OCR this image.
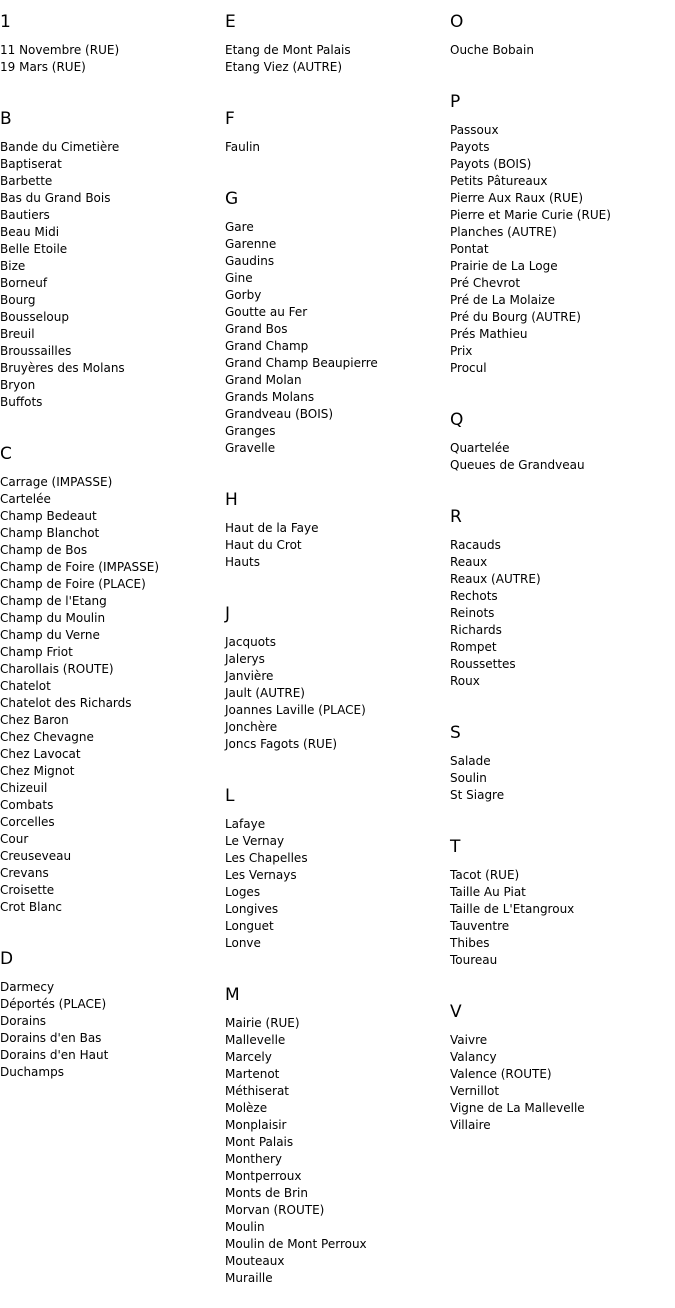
1
11 Novembre (RUE)
19 Mars (RUE)
B
Bande du Cimetière
Baptiserat
Barbette
Bas du Grand Bois
Bautiers
Beau Midi
Belle Etoile
Bize
Borneuf
Bourg
Bousseloup
Breuil
Broussailles
Bruyères des Molans
Bryon
Buffots
C
Carrage (IMPASSE)
Cartelée
Champ Bedeaut
Champ Blanchot
Champ de Bos
Champ de Foire (IMPASSE)
Champ de Foire (PLACE)
Champ de l'Etang
Champ du Moulin
Champ du Verne
Champ Friot
Charollais (ROUTE)
Chatelot
Chatelot des Richards
Chez Baron
Chez Chevagne
Chez Lavocat
Chez Mignot
Chizeuil
Combats
Corcelles
Cour
Creuseveau
Crevans
Croisette
Crot Blanc
D
Darmecy
Déportés (PLACE)
Dorains
Dorains d'en Bas
Dorains d'en Haut
Duchamps
E
Etang de Mont Palais
Etang Viez (AUTRE)
F
Faulin
G
Gare
Garenne
Gaudins
Gine
Gorby
Goutte au Fer
Grand Bos
Grand Champ
Grand Champ Beaupierre
Grand Molan
Grands Molans
Grandveau (BOIS)
Granges
Gravelle
H
Haut de la Faye
Haut du Crot
Hauts
J
Jacquots
Jalerys
Janvière
Jault (AUTRE)
Joannes Laville (PLACE)
Jonchère
Joncs Fagots (RUE)
L
Lafaye
Le Vernay
Les Chapelles
Les Vernays
Loges
Longives
Longuet
Lonve
M
Mairie (RUE)
Mallevelle
Marcely
Martenot
Méthiserat
Molèze
Monplaisir
Mont Palais
Monthery
Montperroux
Monts de Brin
Morvan (ROUTE)
Moulin
Moulin de Mont Perroux
Mouteaux
Muraille
O
Ouche Bobain
P
Passoux
Payots
Payots (BOIS)
Petits Pâtureaux
Pierre Aux Raux (RUE)
Pierre et Marie Curie (RUE)
Planches (AUTRE)
Pontat
Prairie de La Loge
Pré Chevrot
Pré de La Molaize
Pré du Bourg (AUTRE)
Prés Mathieu
Prix
Procul
Q
Quartelée
Queues de Grandveau
R
Racauds
Reaux
Reaux (AUTRE)
Rechots
Reinots
Richards
Rompet
Roussettes
Roux
S
Salade
Soulin
St Siagre
T
Tacot (RUE)
Taille Au Piat
Taille de L'Etangroux
Tauventre
Thibes
Toureau
V
Vaivre
Valancy
Valence (ROUTE)
Vernillot
Vigne de La Mallevelle
Villaire
